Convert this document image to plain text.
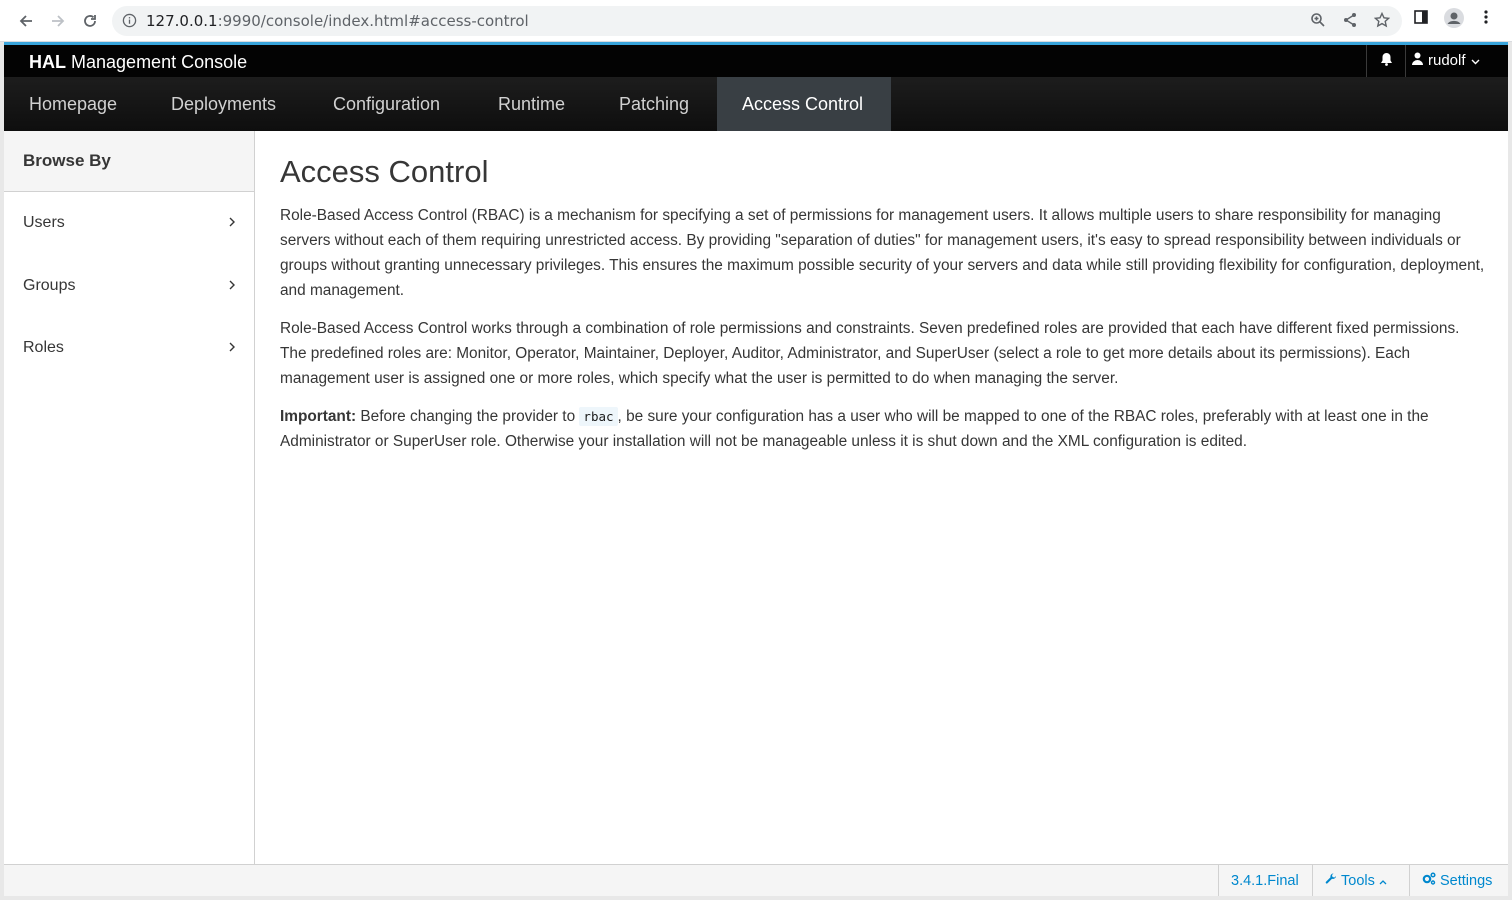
127.0.0.1:9990/console/index.html#access-control
HAL Management Console	rudolf
Homepage	Deployments	Configuration	Runtime	Patching	Access Control
Browse By
Users
Groups
Roles
Access Control

Role-Based Access Control (RBAC) is a mechanism for specifying a set of permissions for management users. It allows multiple users to share responsibility for managing servers without each of them requiring unrestricted access. By providing "separation of duties" for management users, it's easy to spread responsibility between individuals or groups without granting unnecessary privileges. This ensures the maximum possible security of your servers and data while still providing flexibility for configuration, deployment, and management.

Role-Based Access Control works through a combination of role permissions and constraints. Seven predefined roles are provided that each have different fixed permissions. The predefined roles are: Monitor, Operator, Maintainer, Deployer, Auditor, Administrator, and SuperUser (select a role to get more details about its permissions). Each management user is assigned one or more roles, which specify what the user is permitted to do when managing the server.

Important: Before changing the provider to rbac , be sure your configuration has a user who will be mapped to one of the RBAC roles, preferably with at least one in the Administrator or SuperUser role. Otherwise your installation will not be manageable unless it is shut down and the XML configuration is edited.

3.4.1.Final	Tools	Settings
